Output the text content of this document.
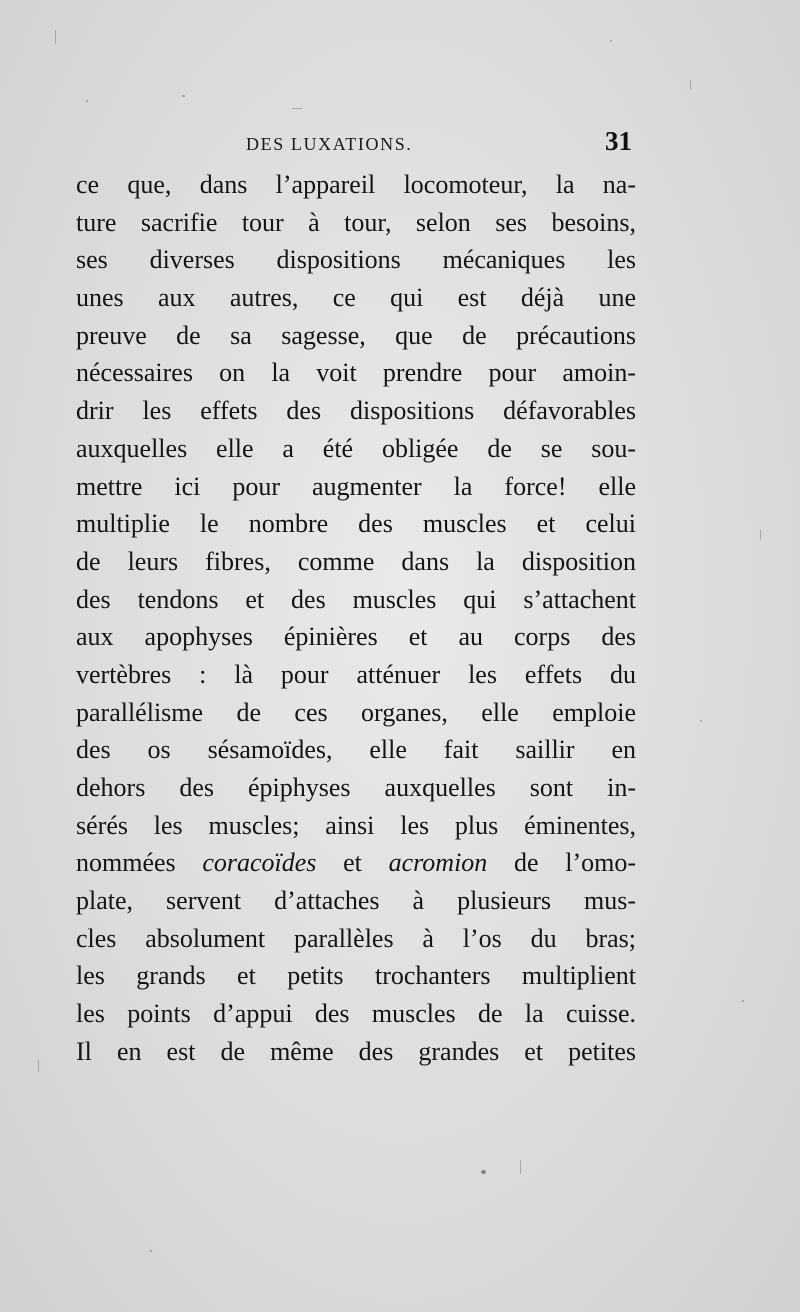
DES LUXATIONS.	31
ce que, dans l’appareil locomoteur, la na-
ture sacrifie tour à tour, selon ses besoins,
ses diverses dispositions mécaniques les
unes aux autres, ce qui est déjà une
preuve de sa sagesse, que de précautions
nécessaires on la voit prendre pour amoin-
drir les effets des dispositions défavorables
auxquelles elle a été obligée de se sou-
mettre ici pour augmenter la force! elle
multiplie le nombre des muscles et celui
de leurs fibres, comme dans la disposition
des tendons et des muscles qui s’attachent
aux apophyses épinières et au corps des
vertèbres : là pour atténuer les effets du
parallélisme de ces organes, elle emploie
des os sésamoïdes, elle fait saillir en
dehors des épiphyses auxquelles sont in-
sérés les muscles; ainsi les plus éminentes,
nommées coracoïdes et acromion de l’omo-
plate, servent d’attaches à plusieurs mus-
cles absolument parallèles à l’os du bras;
les grands et petits trochanters multiplient
les points d’appui des muscles de la cuisse.
Il en est de même des grandes et petites
